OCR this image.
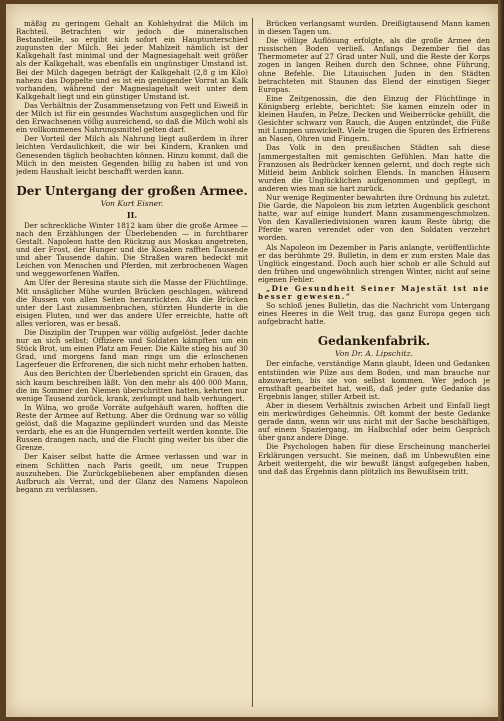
mäßig zu geringem Gehalt an Kohlehydrat die Milch im Rachteil. Betrachten wir jedoch die mineralischen Bestandteile, so ergibt sich sofort ein Hauptunterschied zugunsten der Milch. Bei jeder Mahlzeit nämlich ist der Kalkgehalt fast minimal und der Magnesiagehalt weit größer als der Kalkgehalt, was ebenfalls ein ungünstiger Umstand ist. Bei der Milch dagegen beträgt der Kalkgehalt (2,8 g im Kilo) nahezu das Doppelte und es ist ein genügender Vorrat an Kalk vorhanden, während der Magnesiagehalt weit unter dem Kalkgehalt liegt und ein günstiger Umstand ist.

Das Verhältnis der Zusammensetzung von Fett und Eiweiß in der Milch ist für ein gesundes Wachstum ausgeglichen und für den Erwachsenen völlig ausreichend, so daß die Milch wohl als ein vollkommenes Nahrungsmittel gelten darf.

Der Vorteil der Milch als Nahrung liegt außerdem in ihrer leichten Verdaulichkeit, die wir bei Kindern, Kranken und Genesenden täglich beobachten können. Hinzu kommt, daß die Milch in den meisten Gegenden billig zu haben ist und von jedem Haushalt leicht beschafft werden kann.

Der Untergang der großen Armee.
Von Kurt Eisner.
II.

Der schreckliche Winter 1812 kam über die große Armee — nach den Erzählungen der Überlebenden — in furchtbarer Gestalt. Napoleon hatte den Rückzug aus Moskau angetreten, und der Frost, der Hunger und die Kosaken rafften Tausende und aber Tausende dahin. Die Straßen waren bedeckt mit Leichen von Menschen und Pferden, mit zerbrochenen Wagen und weggeworfenen Waffen.

Am Ufer der Beresina staute sich die Masse der Flüchtlinge. Mit unsäglicher Mühe wurden Brücken geschlagen, während die Russen von allen Seiten heranrückten. Als die Brücken unter der Last zusammenbrachen, stürzten Hunderte in die eisigen Fluten, und wer das andere Ufer erreichte, hatte oft alles verloren, was er besaß.

Die Disziplin der Truppen war völlig aufgelöst. Jeder dachte nur an sich selbst; Offiziere und Soldaten kämpften um ein Stück Brot, um einen Platz am Feuer. Die Kälte stieg bis auf 30 Grad, und morgens fand man rings um die erloschenen Lagerfeuer die Erfrorenen, die sich nicht mehr erhoben hatten.

Aus den Berichten der Überlebenden spricht ein Grauen, das sich kaum beschreiben läßt. Von den mehr als 400 000 Mann, die im Sommer den Niemen überschritten hatten, kehrten nur wenige Tausend zurück, krank, zerlumpt und halb verhungert.

In Wilna, wo große Vorräte aufgehäuft waren, hofften die Reste der Armee auf Rettung. Aber die Ordnung war so völlig gelöst, daß die Magazine geplündert wurden und das Meiste verdarb, ehe es an die Hungernden verteilt werden konnte. Die Russen drangen nach, und die Flucht ging weiter bis über die Grenze.

Der Kaiser selbst hatte die Armee verlassen und war in einem Schlitten nach Paris geeilt, um neue Truppen auszuheben. Die Zurückgebliebenen aber empfanden diesen Aufbruch als Verrat, und der Glanz des Namens Napoleon begann zu verblassen.

Brücken verlangsamt wurden. Dreißigtausend Mann kamen in diesen Tagen um.

Die völlige Auflösung erfolgte, als die große Armee den russischen Boden verließ. Anfangs Dezember fiel das Thermometer auf 27 Grad unter Null, und die Reste der Korps zogen in langen Reihen durch den Schnee, ohne Führung, ohne Befehle. Die Litauischen Juden in den Städten betrachteten mit Staunen das Elend der einstigen Sieger Europas.

Eine Zeitgenossin, die den Einzug der Flüchtlinge in Königsberg erlebte, berichtet: Sie kamen einzeln oder in kleinen Haufen, in Pelze, Decken und Weiberröcke gehüllt, die Gesichter schwarz von Rauch, die Augen entzündet, die Füße mit Lumpen umwickelt. Viele trugen die Spuren des Erfrierens an Nasen, Ohren und Fingern.

Das Volk in den preußischen Städten sah diese Jammergestalten mit gemischten Gefühlen. Man hatte die Franzosen als Bedrücker kennen gelernt, und doch regte sich Mitleid beim Anblick solchen Elends. In manchen Häusern wurden die Unglücklichen aufgenommen und gepflegt, in anderen wies man sie hart zurück.

Nur wenige Regimenter bewahrten ihre Ordnung bis zuletzt. Die Garde, die Napoleon bis zum letzten Augenblick geschont hatte, war auf einige hundert Mann zusammengeschmolzen. Von den Kavalleriedivisionen waren kaum Reste übrig; die Pferde waren verendet oder von den Soldaten verzehrt worden.

Als Napoleon im Dezember in Paris anlangte, veröffentlichte er das berühmte 29. Bulletin, in dem er zum ersten Male das Unglück eingestand. Doch auch hier schob er alle Schuld auf den frühen und ungewöhnlich strengen Winter, nicht auf seine eigenen Fehler.

„Die Gesundheit Seiner Majestät ist nie besser gewesen.“

So schloß jenes Bulletin, das die Nachricht vom Untergang eines Heeres in die Welt trug, das ganz Europa gegen sich aufgebracht hatte.

Gedankenfabrik.
Von Dr. A. Lipschitz.

Der einfache, verständige Mann glaubt, Ideen und Gedanken entstünden wie Pilze aus dem Boden, und man brauche nur abzuwarten, bis sie von selbst kommen. Wer jedoch je ernsthaft gearbeitet hat, weiß, daß jeder gute Gedanke das Ergebnis langer, stiller Arbeit ist.

Aber in diesem Verhältnis zwischen Arbeit und Einfall liegt ein merkwürdiges Geheimnis. Oft kommt der beste Gedanke gerade dann, wenn wir uns nicht mit der Sache beschäftigen, auf einem Spaziergang, im Halbschlaf oder beim Gespräch über ganz andere Dinge.

Die Psychologen haben für diese Erscheinung mancherlei Erklärungen versucht. Sie meinen, daß im Unbewußten eine Arbeit weitergeht, die wir bewußt längst aufgegeben haben, und daß das Ergebnis dann plötzlich ins Bewußtsein tritt.
